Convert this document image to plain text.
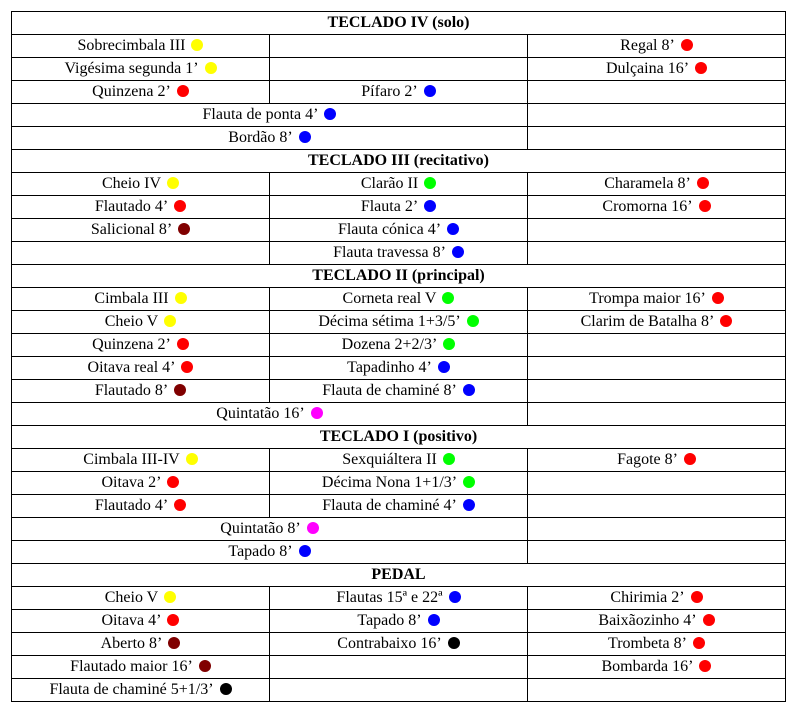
TECLADO IV (solo)		
Sobrecimbala III		Regal 8’
Vigésima segunda 1’		Dulçaina 16’
Quinzena 2’	Pífaro 2’	
Flauta de ponta 4’		
Bordão 8’		
TECLADO III (recitativo)		
Cheio IV	Clarão II	Charamela 8’
Flautado 4’	Flauta 2’	Cromorna 16’
Salicional 8’	Flauta cónica 4’	
	Flauta travessa 8’	
TECLADO II (principal)		
Cimbala III	Corneta real V	Trompa maior 16’
Cheio V	Décima sétima 1+3/5’	Clarim de Batalha 8’
Quinzena 2’	Dozena 2+2/3’	
Oitava real 4’	Tapadinho 4’	
Flautado 8’	Flauta de chaminé 8’	
Quintatão 16’		
TECLADO I (positivo)		
Cimbala III-IV	Sexquiáltera II	Fagote 8’
Oitava 2’	Décima Nona 1+1/3’	
Flautado 4’	Flauta de chaminé 4’	
Quintatão 8’		
Tapado 8’		
PEDAL		
Cheio V	Flautas 15ª e 22ª	Chirimia 2’
Oitava 4’	Tapado 8’	Baixãozinho 4’
Aberto 8’	Contrabaixo 16’	Trombeta 8’
Flautado maior 16’		Bombarda 16’
Flauta de chaminé 5+1/3’		
